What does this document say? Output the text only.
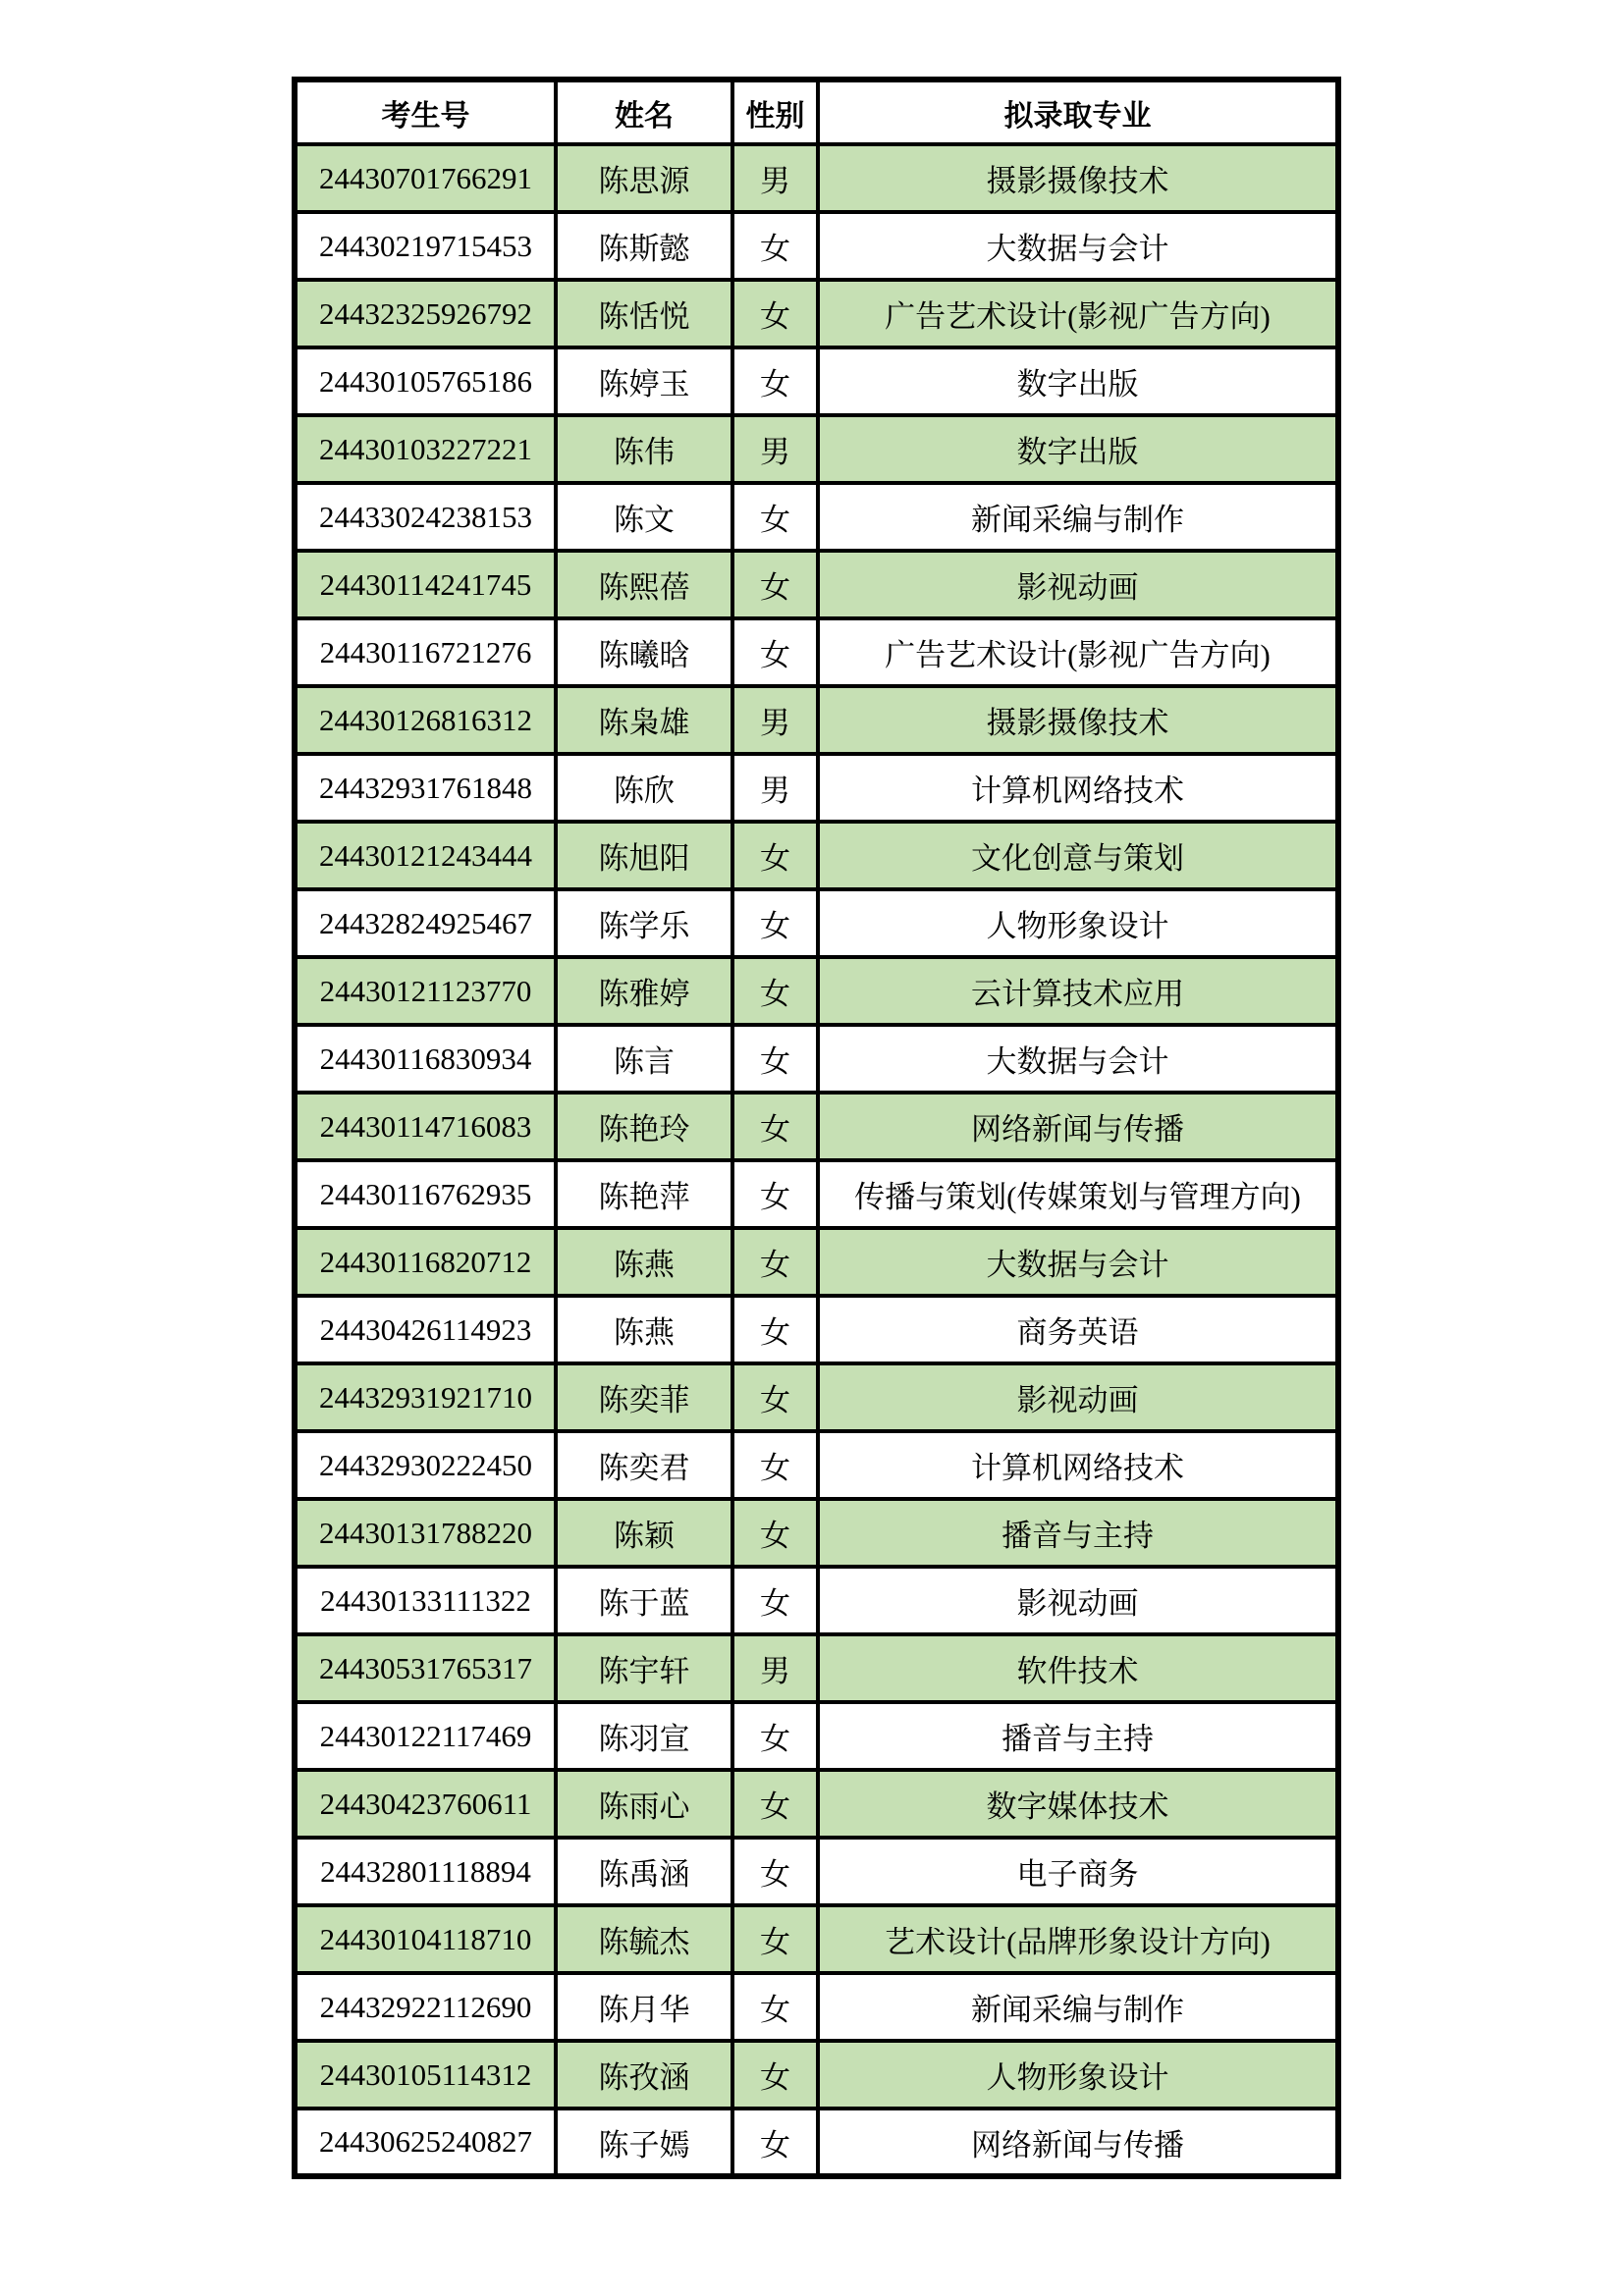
考生号	姓名	性别	拟录取专业
24430701766291	陈思源	男	摄影摄像技术
24430219715453	陈斯懿	女	大数据与会计
24432325926792	陈恬悦	女	广告艺术设计(影视广告方向)
24430105765186	陈婷玉	女	数字出版
24430103227221	陈伟	男	数字出版
24433024238153	陈文	女	新闻采编与制作
24430114241745	陈熙蓓	女	影视动画
24430116721276	陈曦晗	女	广告艺术设计(影视广告方向)
24430126816312	陈枭雄	男	摄影摄像技术
24432931761848	陈欣	男	计算机网络技术
24430121243444	陈旭阳	女	文化创意与策划
24432824925467	陈学乐	女	人物形象设计
24430121123770	陈雅婷	女	云计算技术应用
24430116830934	陈言	女	大数据与会计
24430114716083	陈艳玲	女	网络新闻与传播
24430116762935	陈艳萍	女	传播与策划(传媒策划与管理方向)
24430116820712	陈燕	女	大数据与会计
24430426114923	陈燕	女	商务英语
24432931921710	陈奕菲	女	影视动画
24432930222450	陈奕君	女	计算机网络技术
24430131788220	陈颖	女	播音与主持
24430133111322	陈于蓝	女	影视动画
24430531765317	陈宇轩	男	软件技术
24430122117469	陈羽宣	女	播音与主持
24430423760611	陈雨心	女	数字媒体技术
24432801118894	陈禹涵	女	电子商务
24430104118710	陈毓杰	女	艺术设计(品牌形象设计方向)
24432922112690	陈月华	女	新闻采编与制作
24430105114312	陈孜涵	女	人物形象设计
24430625240827	陈子嫣	女	网络新闻与传播
